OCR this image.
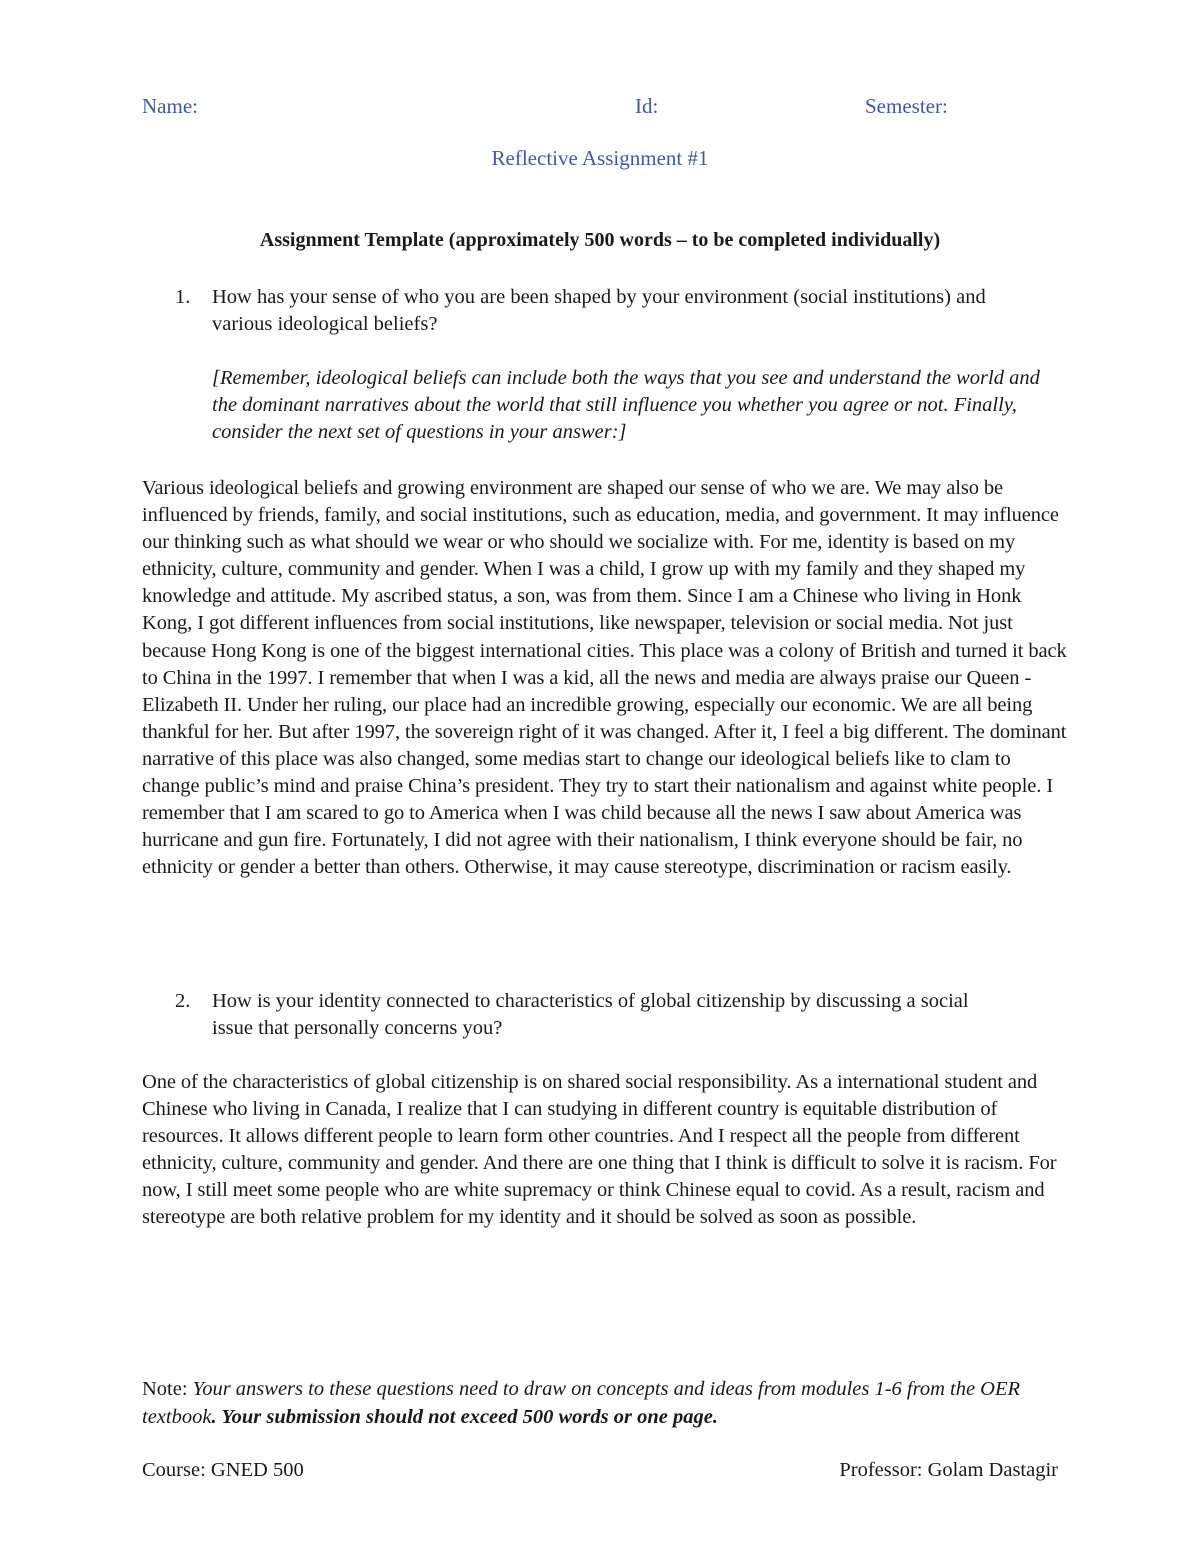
Name:	Id:	Semester:
Reflective Assignment #1
Assignment Template (approximately 500 words – to be completed individually)
1. How has your sense of who you are been shaped by your environment (social institutions) and various ideological beliefs?
[Remember, ideological beliefs can include both the ways that you see and understand the world and the dominant narratives about the world that still influence you whether you agree or not. Finally, consider the next set of questions in your answer:]
Various ideological beliefs and growing environment are shaped our sense of who we are. We may also be influenced by friends, family, and social institutions, such as education, media, and government. It may influence our thinking such as what should we wear or who should we socialize with. For me, identity is based on my ethnicity, culture, community and gender. When I was a child, I grow up with my family and they shaped my knowledge and attitude. My ascribed status, a son, was from them. Since I am a Chinese who living in Honk Kong, I got different influences from social institutions, like newspaper, television or social media. Not just because Hong Kong is one of the biggest international cities. This place was a colony of British and turned it back to China in the 1997. I remember that when I was a kid, all the news and media are always praise our Queen - Elizabeth II. Under her ruling, our place had an incredible growing, especially our economic. We are all being thankful for her. But after 1997, the sovereign right of it was changed. After it, I feel a big different. The dominant narrative of this place was also changed, some medias start to change our ideological beliefs like to clam to change public’s mind and praise China’s president. They try to start their nationalism and against white people. I remember that I am scared to go to America when I was child because all the news I saw about America was hurricane and gun fire. Fortunately, I did not agree with their nationalism, I think everyone should be fair, no ethnicity or gender a better than others. Otherwise, it may cause stereotype, discrimination or racism easily.
2. How is your identity connected to characteristics of global citizenship by discussing a social issue that personally concerns you?
One of the characteristics of global citizenship is on shared social responsibility. As a international student and Chinese who living in Canada, I realize that I can studying in different country is equitable distribution of resources. It allows different people to learn form other countries. And I respect all the people from different ethnicity, culture, community and gender. And there are one thing that I think is difficult to solve it is racism. For now, I still meet some people who are white supremacy or think Chinese equal to covid. As a result, racism and stereotype are both relative problem for my identity and it should be solved as soon as possible.
Note: Your answers to these questions need to draw on concepts and ideas from modules 1-6 from the OER textbook. Your submission should not exceed 500 words or one page.
Course: GNED 500	Professor: Golam Dastagir
